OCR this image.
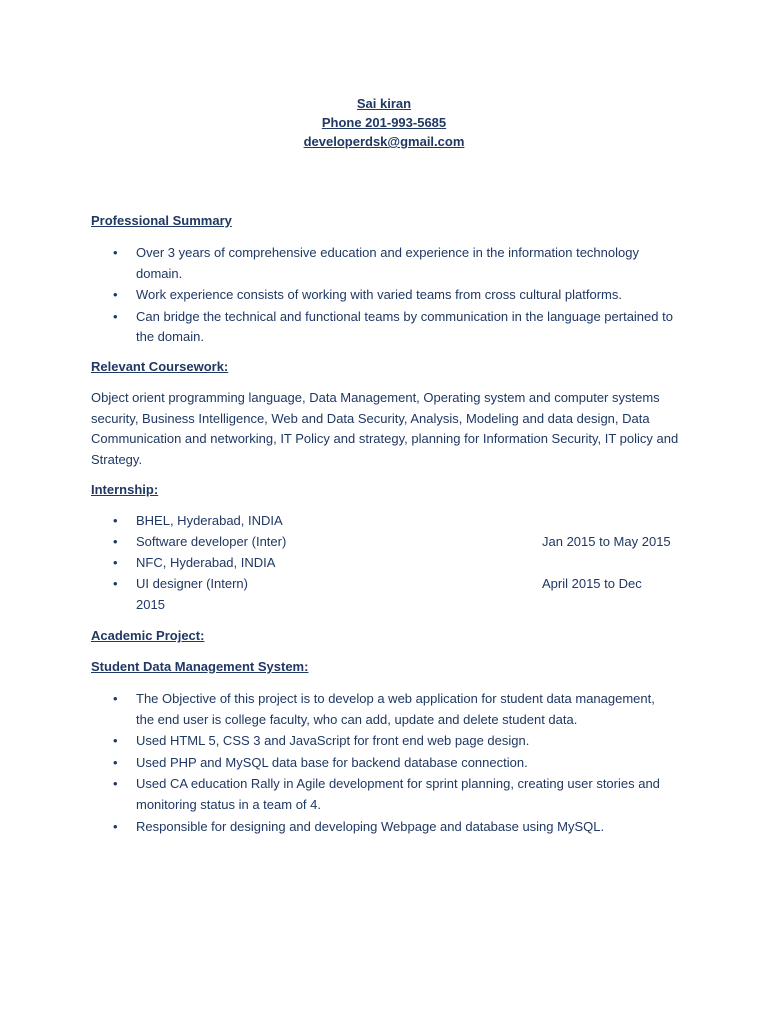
Sai kiran
Phone 201-993-5685
developerdsk@gmail.com
Professional Summary
• Over 3 years of comprehensive education and experience in the information technology domain.
• Work experience consists of working with varied teams from cross cultural platforms.
• Can bridge the technical and functional teams by communication in the language pertained to the domain.
Relevant Coursework:
Object orient programming language, Data Management, Operating system and computer systems security, Business Intelligence, Web and Data Security, Analysis, Modeling and data design, Data Communication and networking, IT Policy and strategy, planning for Information Security, IT policy and Strategy.
Internship:
• BHEL, Hyderabad, INDIA
• Software developer (Inter)	Jan 2015 to May 2015
• NFC, Hyderabad, INDIA
• UI designer (Intern)	April 2015 to Dec
2015
Academic Project:
Student Data Management System:
• The Objective of this project is to develop a web application for student data management, the end user is college faculty, who can add, update and delete student data.
• Used HTML 5, CSS 3 and JavaScript for front end web page design.
• Used PHP and MySQL data base for backend database connection.
• Used CA education Rally in Agile development for sprint planning, creating user stories and monitoring status in a team of 4.
• Responsible for designing and developing Webpage and database using MySQL.
